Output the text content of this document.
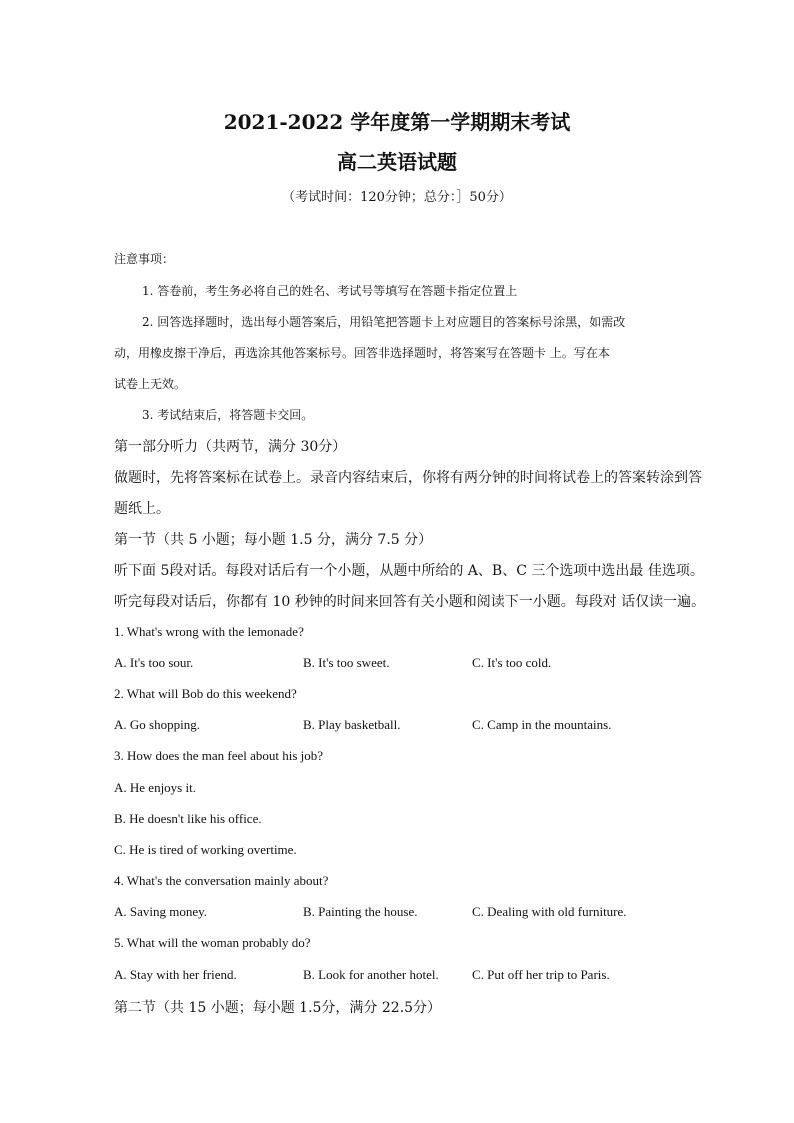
2021-2022 学年度第一学期期末考试
高二英语试题
（考试时间：120分钟；总分：］50分）
注意事项：
1. 答卷前，考生务必将自己的姓名、考试号等填写在答题卡指定位置上
2. 回答选择题时，选出每小题答案后，用铅笔把答题卡上对应题目的答案标号涂黑，如需改
动，用橡皮擦干净后，再选涂其他答案标号。回答非选择题时，将答案写在答题卡 上。写在本
试卷上无效。
3. 考试结束后，将答题卡交回。
第一部分听力（共两节，满分 30分）
做题时，先将答案标在试卷上。录音内容结束后，你将有两分钟的时间将试卷上的答案转涂到答
题纸上。
第一节（共 5 小题；每小题 1.5 分，满分 7.5 分）
听下面 5段对话。每段对话后有一个小题，从题中所给的 A、B、C 三个选项中选出最 佳选项。
听完每段对话后，你都有 10 秒钟的时间来回答有关小题和阅读下一小题。每段对 话仅读一遍。
1. What's wrong with the lemonade?
A. It's too sour.	B. It's too sweet.	C. It's too cold.
2. What will Bob do this weekend?
A. Go shopping.	B. Play basketball.	C. Camp in the mountains.
3. How does the man feel about his job?
A. He enjoys it.
B. He doesn't like his office.
C. He is tired of working overtime.
4. What's the conversation mainly about?
A. Saving money.	B. Painting the house.	C. Dealing with old furniture.
5. What will the woman probably do?
A. Stay with her friend.	B. Look for another hotel.	C. Put off her trip to Paris.
第二节（共 15 小题；每小题 1.5分，满分 22.5分）
